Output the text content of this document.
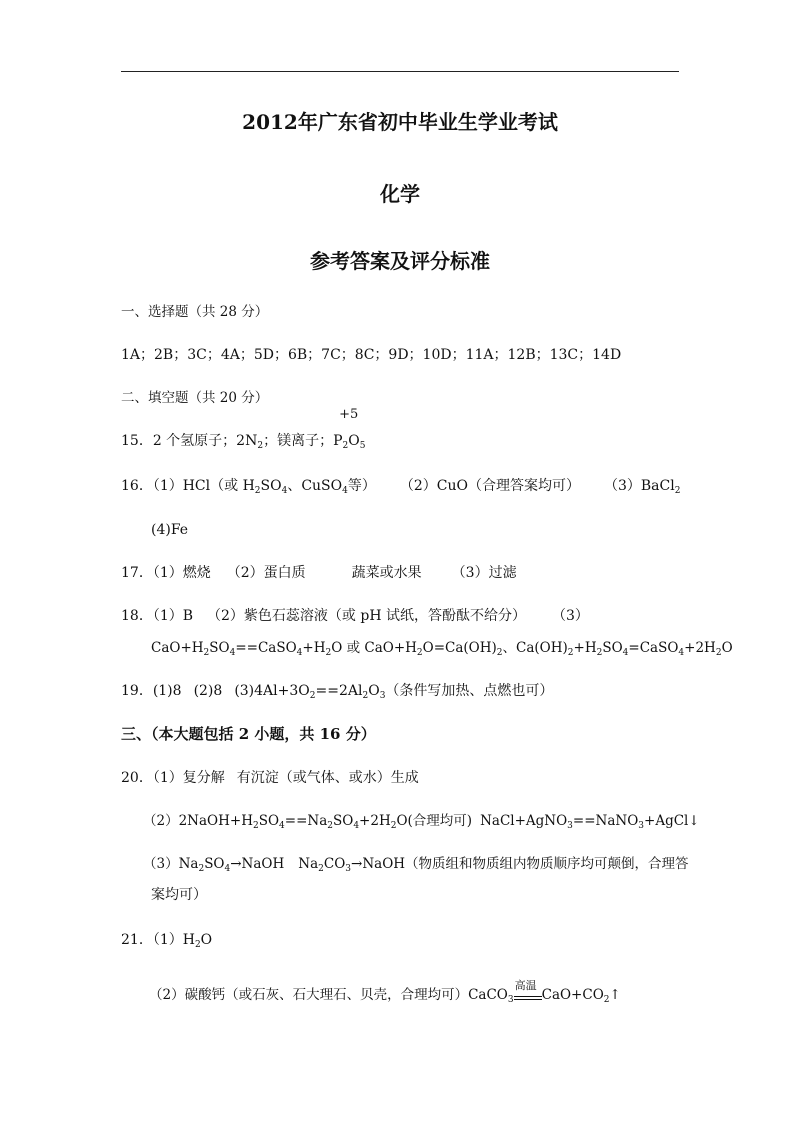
2012年广东省初中毕业生学业考试
化学
参考答案及评分标准
一、选择题（共 28 分）
1A；2B；3C；4A；5D；6B；7C；8C；9D；10D；11A；12B；13C；14D
二、填空题（共 20 分）
15．2 个氢原子；$2N_2$；镁离子；
+5
$P_2O_5$
16．（1）HCl（或 $H_2SO_4$、CuSO$_4$等） （2）CuO（合理答案均可） （3）BaCl$_2$
(4)Fe
17．（1）燃烧 （2）蛋白质	蔬菜或水果 （3）过滤
18．（1）B （2）紫色石蕊溶液（或 pH 试纸，答酚酞不给分） （3）
$CaO+H_2SO_4==CaSO_4+H_2O$ 或 $CaO+H_2O=Ca(OH)_2$、$Ca(OH)_2+H_2SO_4=CaSO_4+2H_2O$
19．(1)8 (2)8 $(3)4Al+3O_2==2Al_2O_3$（条件写加热、点燃也可）
三、（本大题包括 2 小题，共 16 分）
20．（1）复分解 有沉淀（或气体、或水）生成
$(2)2NaOH+H_2SO_4==Na_2SO_4+2H_2O$(合理均可) NaCl+AgNO$_3$==NaNO$_3$+AgCl↓
$(3)Na_2SO_4\to NaOH$ $Na_2CO_3\to NaOH$（物质组和物质组内物质顺序均可颠倒，合理答
案均可）
21．$(1)H_2O$
（2）碳酸钙（或石灰、石大理石、贝壳，合理均可）CaCO$_3$
高温
$CaO+CO_2↑$
